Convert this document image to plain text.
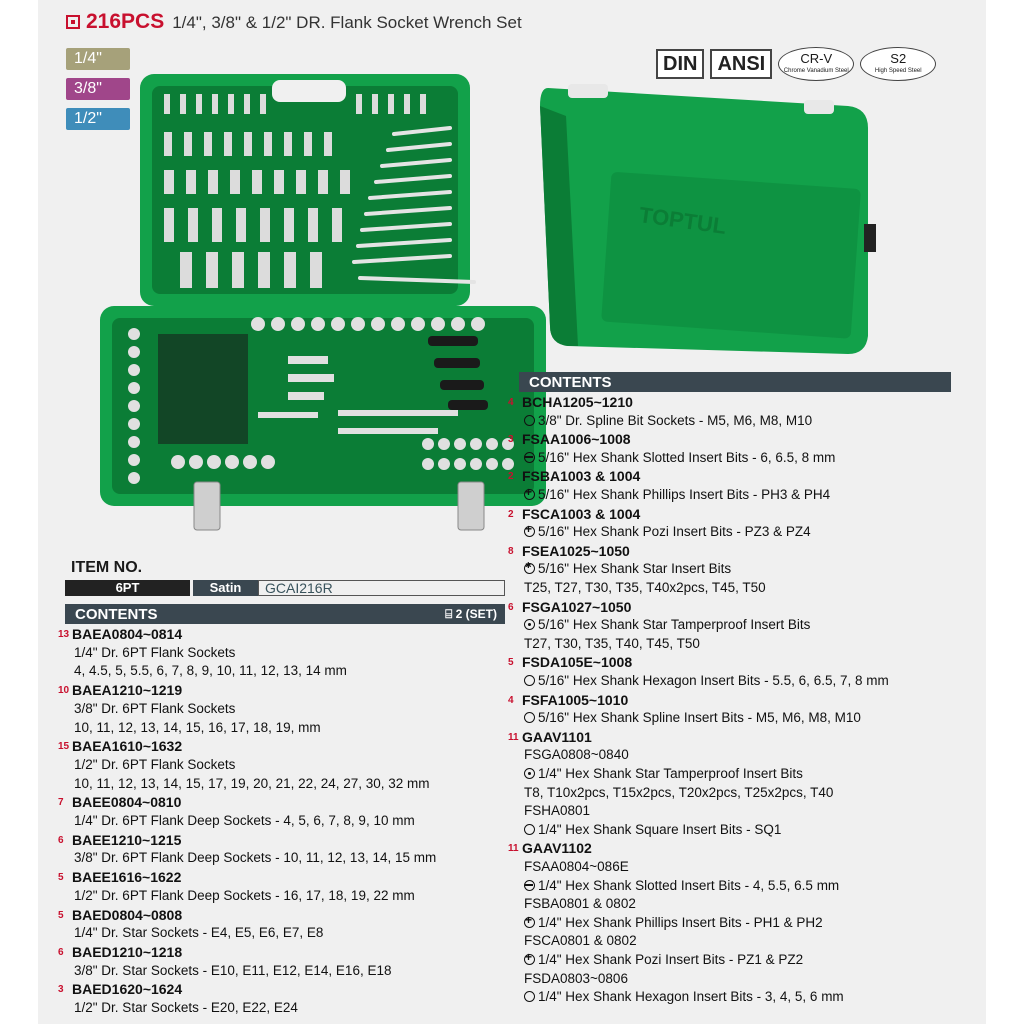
216PCS 1/4", 3/8" & 1/2" DR. Flank Socket Wrench Set
1/4"
3/8"
1/2"
DIN	ANSI	CR-V
Chrome Vanadium Steel
S2
High Speed Steel
TOPTUL
ITEM NO.
6PT	Satin	GCAI216R
CONTENTS	⌸ 2 (SET)
CONTENTS
13 BAEA0804~0814
1/4" Dr. 6PT Flank Sockets
4, 4.5, 5, 5.5, 6, 7, 8, 9, 10, 11, 12, 13, 14 mm
10 BAEA1210~1219
3/8" Dr. 6PT Flank Sockets
10, 11, 12, 13, 14, 15, 16, 17, 18, 19, mm
15 BAEA1610~1632
1/2" Dr. 6PT Flank Sockets
10, 11, 12, 13, 14, 15, 17, 19, 20, 21, 22, 24, 27, 30, 32 mm
7 BAEE0804~0810
1/4" Dr. 6PT Flank Deep Sockets - 4, 5, 6, 7, 8, 9, 10 mm
6 BAEE1210~1215
3/8" Dr. 6PT Flank Deep Sockets - 10, 11, 12, 13, 14, 15 mm
5 BAEE1616~1622
1/2" Dr. 6PT Flank Deep Sockets - 16, 17, 18, 19, 22 mm
5 BAED0804~0808
1/4" Dr. Star Sockets - E4, E5, E6, E7, E8
6 BAED1210~1218
3/8" Dr. Star Sockets - E10, E11, E12, E14, E16, E18
3 BAED1620~1624
1/2" Dr. Star Sockets - E20, E22, E24
4 BCHA1205~1210
3/8" Dr. Spline Bit Sockets - M5, M6, M8, M10
3 FSAA1006~1008
5/16" Hex Shank Slotted Insert Bits - 6, 6.5, 8 mm
2 FSBA1003 & 1004
+5/16" Hex Shank Phillips Insert Bits - PH3 & PH4
2 FSCA1003 & 1004
+5/16" Hex Shank Pozi Insert Bits - PZ3 & PZ4
8 FSEA1025~1050
✱5/16" Hex Shank Star Insert Bits
T25, T27, T30, T35, T40x2pcs, T45, T50
6 FSGA1027~1050
5/16" Hex Shank Star Tamperproof Insert Bits
T27, T30, T35, T40, T45, T50
5 FSDA105E~1008
5/16" Hex Shank Hexagon Insert Bits - 5.5, 6, 6.5, 7, 8 mm
4 FSFA1005~1010
5/16" Hex Shank Spline Insert Bits - M5, M6, M8, M10
11 GAAV1101
FSGA0808~0840
1/4" Hex Shank Star Tamperproof Insert Bits
T8, T10x2pcs, T15x2pcs, T20x2pcs, T25x2pcs, T40
FSHA0801
1/4" Hex Shank Square Insert Bits - SQ1
11 GAAV1102
FSAA0804~086E
1/4" Hex Shank Slotted Insert Bits - 4, 5.5, 6.5 mm
FSBA0801 & 0802
+1/4" Hex Shank Phillips Insert Bits - PH1 & PH2
FSCA0801 & 0802
+1/4" Hex Shank Pozi Insert Bits - PZ1 & PZ2
FSDA0803~0806
1/4" Hex Shank Hexagon Insert Bits - 3, 4, 5, 6 mm
